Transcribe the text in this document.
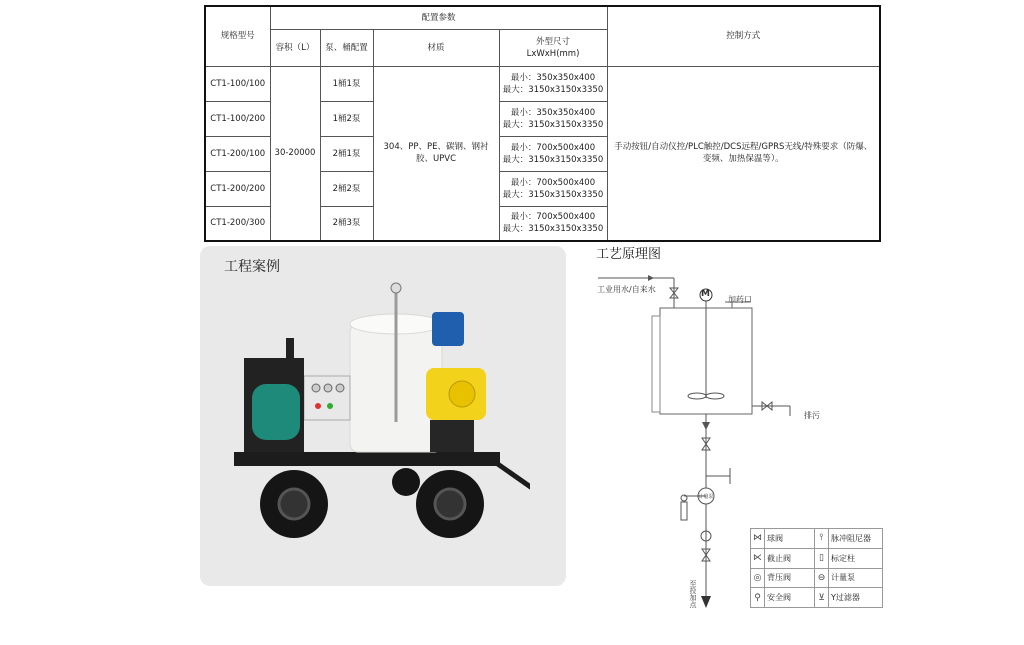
规格型号	配置参数				控制方式
	容积（L）	泵、桶配置	材质	外型尺寸
LxWxH(mm)	

CT1-100/100	30-20000	1桶1泵	304、PP、PE、碳钢、钢衬胶、UPVC	最小：350x350x400
最大：3150x3150x3350	手动按钮/自动仪控/PLC触控/DCS远程/GPRS无线/特殊要求（防爆、变频、加热保温等）。
CT1-100/200		1桶2泵		最小：350x350x400
最大：3150x3150x3350	

CT1-200/100		2桶1泵		最小：700x500x400
最大：3150x3150x3350	

CT1-200/200		2桶2泵		最小：700x500x400
最大：3150x3150x3350	

CT1-200/300		2桶3泵		最小：700x500x400
最大：3150x3150x3350	
工程案例
工艺原理图
计量泵
工业用水/自来水	M
加药口
排污
至投加点
⋈	球阀	⫯	脉冲阻尼器
⋉	截止阀	▯	标定柱
◎	背压阀	⊖	计量泵
⚲	安全阀	⊻	Y过滤器
